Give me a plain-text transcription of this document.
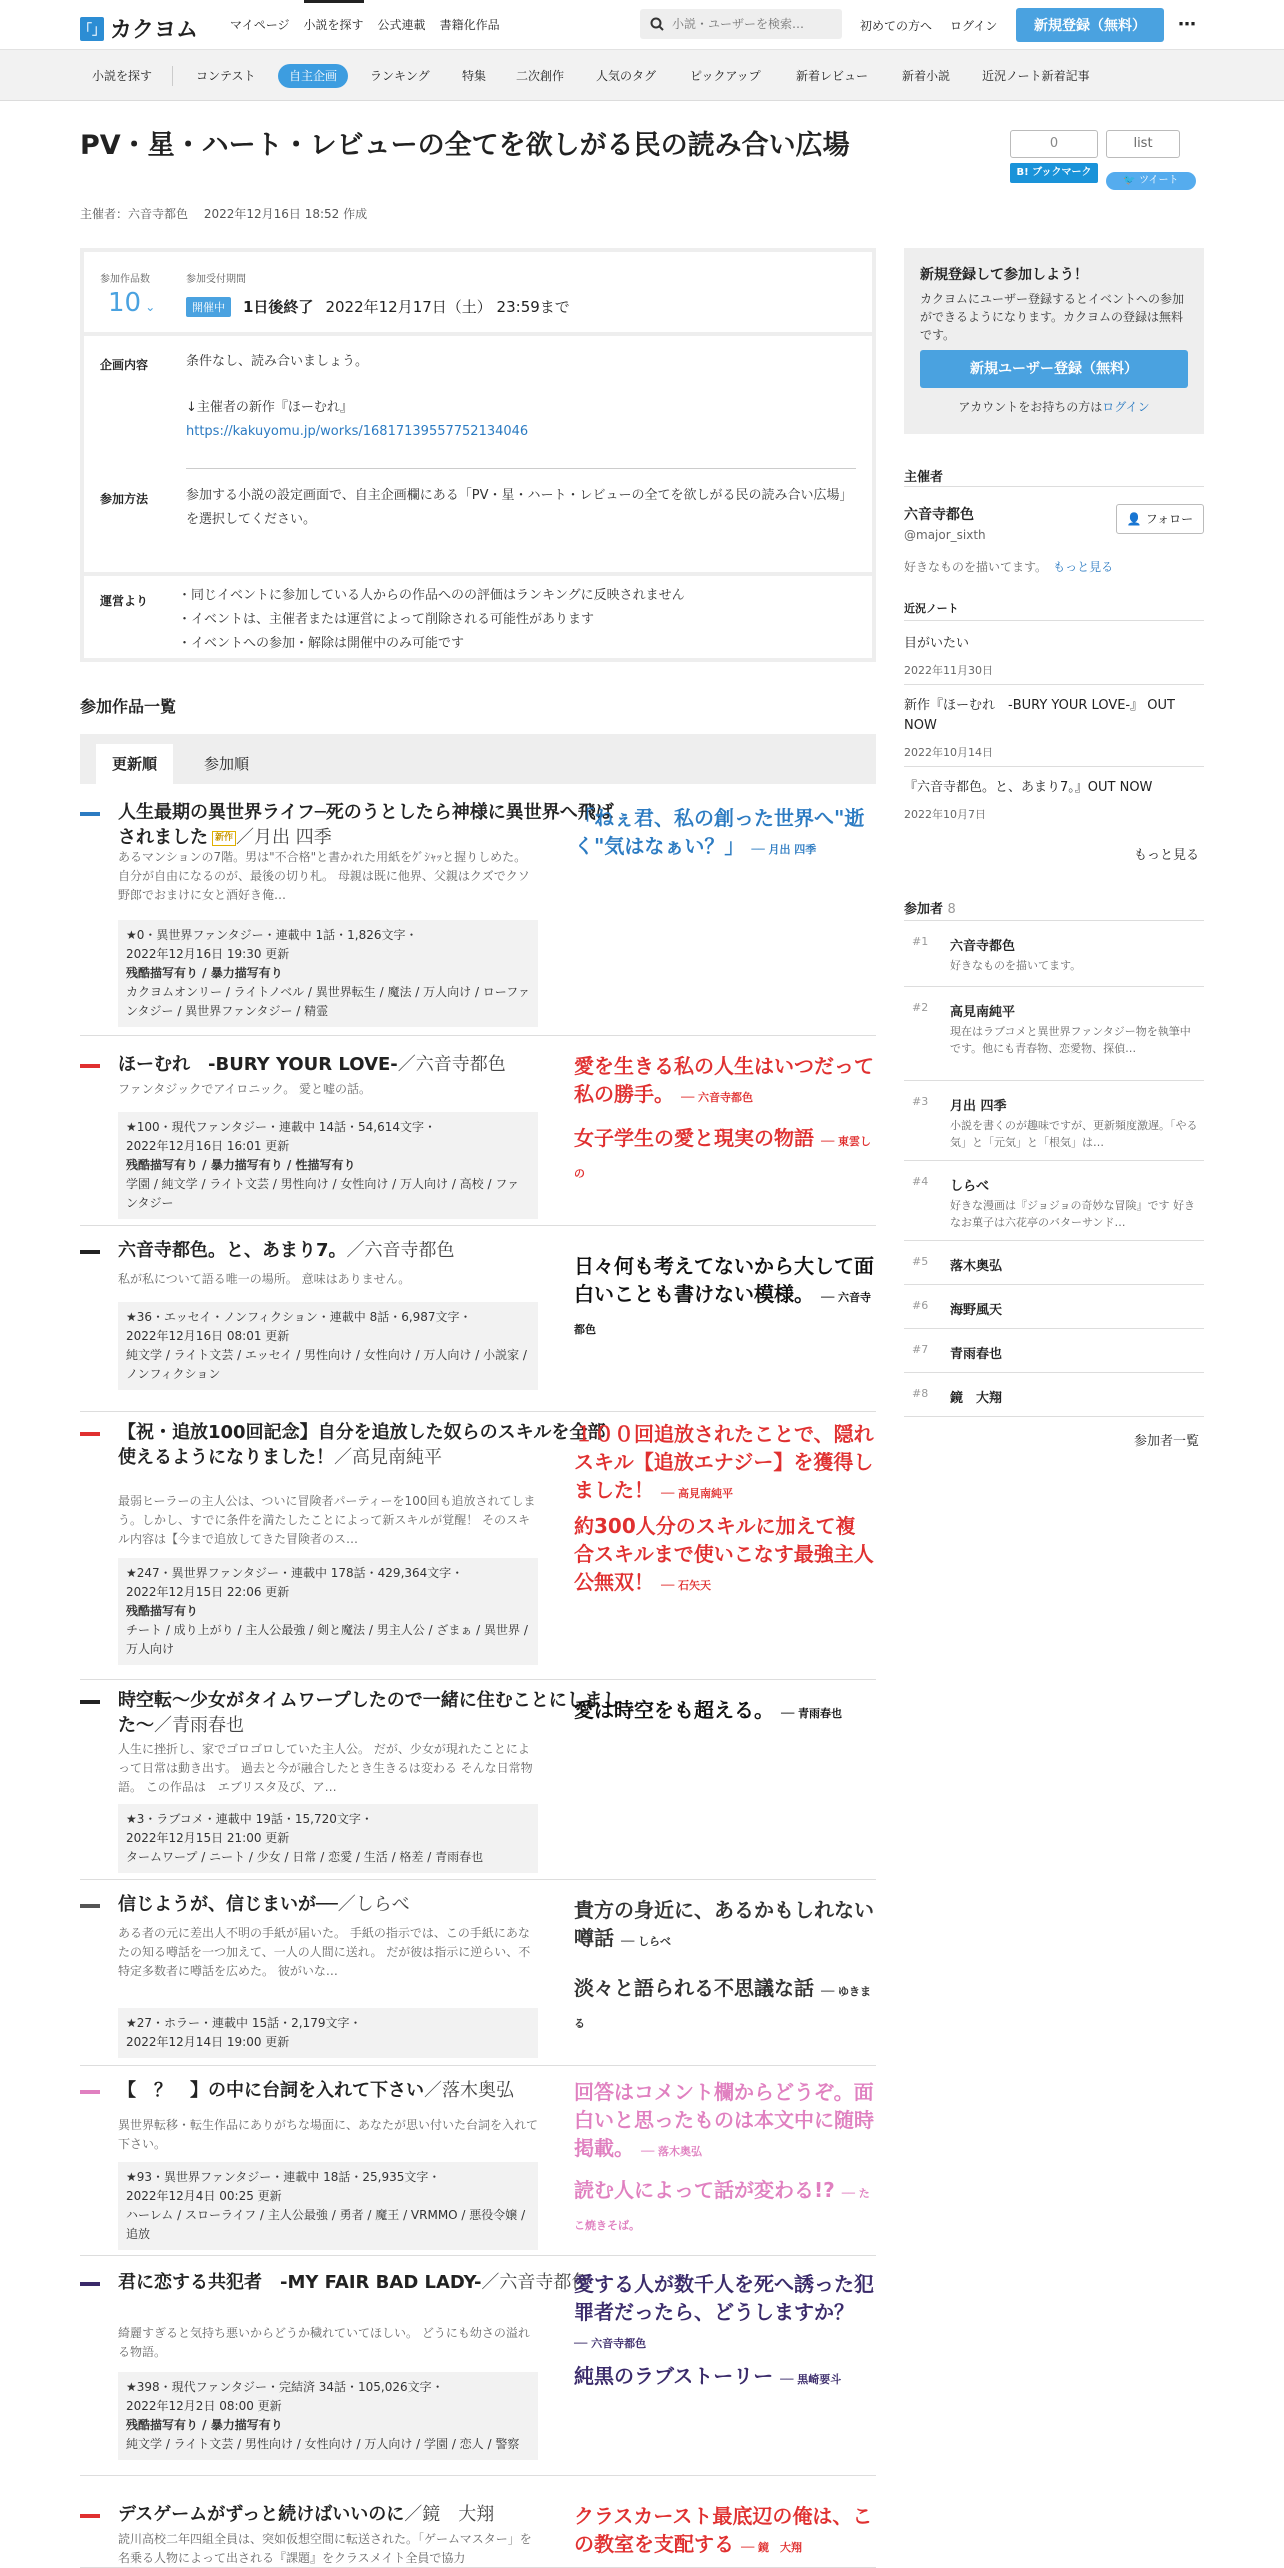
「」 カクヨム	マイページ 小説を探す 公式連載 書籍化作品
小説・ユーザーを検索…	初めての方へ ログイン	新規登録（無料）	⋯
小説を探す	コンテスト	自主企画	ランキング	特集 二次創作	人気のタグ	ピックアップ	新着レビュー	新着小説	近況ノート新着記事
PV・星・ハート・レビューの全てを欲しがる民の読み合い広場
主催者：六音寺都色　 2022年12月16日 18:52 作成
0
B! ブックマーク
list
🐦 ツイート
参加作品数
10 ⌄
参加受付期間
開催中	1日後終了 2022年12月17日（土） 23:59まで
企画内容	条件なし、読み合いましょう。
↓主催者の新作『ほーむれ』
https://kakuyomu.jp/works/16817139557752134046
参加方法	参加する小説の設定画面で、自主企画欄にある「PV・星・ハート・レビューの全てを欲しがる民の読み合い広場」を選択してください。
運営より ・同じイベントに参加している人からの作品へのの評価はランキングに反映されません
・イベントは、主催者または運営によって削除される可能性があります
・イベントへの参加・解除は開催中のみ可能です
新規登録して参加しよう！
カクヨムにユーザー登録するとイベントへの参加ができるようになります。カクヨムの登録は無料です。
新規ユーザー登録（無料）
アカウントをお持ちの方はログイン
主催者
六音寺都色
@major_sixth
👤 フォロー
好きなものを描いてます。　 もっと見る
近況ノート
目がいたい
2022年11月30日
新作『ほーむれ　-BURY YOUR LOVE-』 OUT NOW
2022年10月14日
『六音寺都色。と、あまり7。』OUT NOW
2022年10月7日
もっと見る
参加者 8
#1 六音寺都色
好きなものを描いてます。
#2 高見南純平
現在はラブコメと異世界ファンタジー物を執筆中です。他にも青春物、恋愛物、探偵…
#3 月出 四季
小説を書くのが趣味ですが、更新頻度激遅。「やる気」と「元気」と「根気」は…
#4 しらべ
好きな漫画は『ジョジョの奇妙な冒険』です 好きなお菓子は六花亭のバターサンド…
#5 落木奥弘
#6 海野風天
#7 青雨春也
#8 鏡　大翔
参加者一覧
参加作品一覧
更新順	参加順
人生最期の異世界ライフ─死のうとしたら神様に異世界へ飛ばされました 新作 ／月出 四季
あるマンションの7階。男は"不合格"と書かれた用紙をｸﾞｼｬｯと握りしめた。自分が自由になるのが、最後の切り札。 母親は既に他界、父親はクズでクソ野郎でおまけに女と酒好き俺…
★0・異世界ファンタジー・連載中 1話・1,826文字・
2022年12月16日 19:30 更新
残酷描写有り / 暴力描写有り
カクヨムオンリー / ライトノベル / 異世界転生 / 魔法 / 万人向け / ローファンタジー / 異世界ファンタジー / 精霊
「ねぇ君、私の創った世界へ"逝く"気はなぁい？」 ── 月出 四季
ほーむれ　-BURY YOUR LOVE-／六音寺都色
ファンタジックでアイロニック。 愛と嘘の話。
★100・現代ファンタジー・連載中 14話・54,614文字・
2022年12月16日 16:01 更新
残酷描写有り / 暴力描写有り / 性描写有り
学園 / 純文学 / ライト文芸 / 男性向け / 女性向け / 万人向け / 高校 / ファンタジー
愛を生きる私の人生はいつだって私の勝手。 ── 六音寺都色
女子学生の愛と現実の物語 ── 東雲しの
六音寺都色。と、あまり7。／六音寺都色
私が私について語る唯一の場所。 意味はありません。
★36・エッセイ・ノンフィクション・連載中 8話・6,987文字・
2022年12月16日 08:01 更新
純文学 / ライト文芸 / エッセイ / 男性向け / 女性向け / 万人向け / 小説家 / ノンフィクション
日々何も考えてないから大して面白いことも書けない模様。 ── 六音寺都色
【祝・追放100回記念】自分を追放した奴らのスキルを全部使えるようになりました！／高見南純平
最弱ヒーラーの主人公は、ついに冒険者パーティーを100回も追放されてしまう。しかし、すでに条件を満たしたことによって新スキルが覚醒！ そのスキル内容は【今まで追放してきた冒険者のス…
★247・異世界ファンタジー・連載中 178話・429,364文字・
2022年12月15日 22:06 更新
残酷描写有り
チート / 成り上がり / 主人公最強 / 剣と魔法 / 男主人公 / ざまぁ / 異世界 / 万人向け
１００回追放されたことで、隠れスキル【追放エナジー】を獲得しました！ ── 高見南純平
約300人分のスキルに加えて複合スキルまで使いこなす最強主人公無双！ ── 石矢天
時空転〜少女がタイムワープしたので一緒に住むことにしました〜／青雨春也
人生に挫折し、家でゴロゴロしていた主人公。 だが、少女が現れたことによって日常は動き出す。 過去と今が融合したとき生きるは変わる そんな日常物語。 この作品は　エブリスタ及び、ア…
★3・ラブコメ・連載中 19話・15,720文字・
2022年12月15日 21:00 更新
タームワープ / ニート / 少女 / 日常 / 恋愛 / 生活 / 格差 / 青雨春也
愛は時空をも超える。 ── 青雨春也
信じようが、信じまいが──／しらべ
ある者の元に差出人不明の手紙が届いた。 手紙の指示では、この手紙にあなたの知る噂話を一つ加えて、一人の人間に送れ。 だが彼は指示に逆らい、不特定多数者に噂話を広めた。 彼がいな…
★27・ホラー・連載中 15話・2,179文字・
2022年12月14日 19:00 更新
貴方の身近に、あるかもしれない噂話 ── しらべ
淡々と語られる不思議な話 ── ゆきまる
【　？　】の中に台詞を入れて下さい／落木奥弘
異世界転移・転生作品にありがちな場面に、あなたが思い付いた台詞を入れて下さい。
★93・異世界ファンタジー・連載中 18話・25,935文字・
2022年12月4日 00:25 更新
ハーレム / スローライフ / 主人公最強 / 勇者 / 魔王 / VRMMO / 悪役令嬢 / 追放
回答はコメント欄からどうぞ。面白いと思ったものは本文中に随時掲載。 ── 落木奥弘
読む人によって話が変わる!? ── たこ焼きそば。
君に恋する共犯者　-MY FAIR BAD LADY-／六音寺都色
綺麗すぎると気持ち悪いからどうか穢れていてほしい。 どうにも幼さの溢れる物語。
★398・現代ファンタジー・完結済 34話・105,026文字・
2022年12月2日 08:00 更新
残酷描写有り / 暴力描写有り
純文学 / ライト文芸 / 男性向け / 女性向け / 万人向け / 学園 / 恋人 / 警察
愛する人が数千人を死へ誘った犯罪者だったら、どうしますか？ ── 六音寺都色
純黒のラブストーリー ── 黒崎要斗
デスゲームがずっと続けばいいのに／鏡　大翔
読川高校二年四組全員は、突如仮想空間に転送された。「ゲームマスター」を名乗る人物によって出される『課題』をクラスメイト全員で協力
クラスカースト最底辺の俺は、この教室を支配する ── 鏡　大翔
